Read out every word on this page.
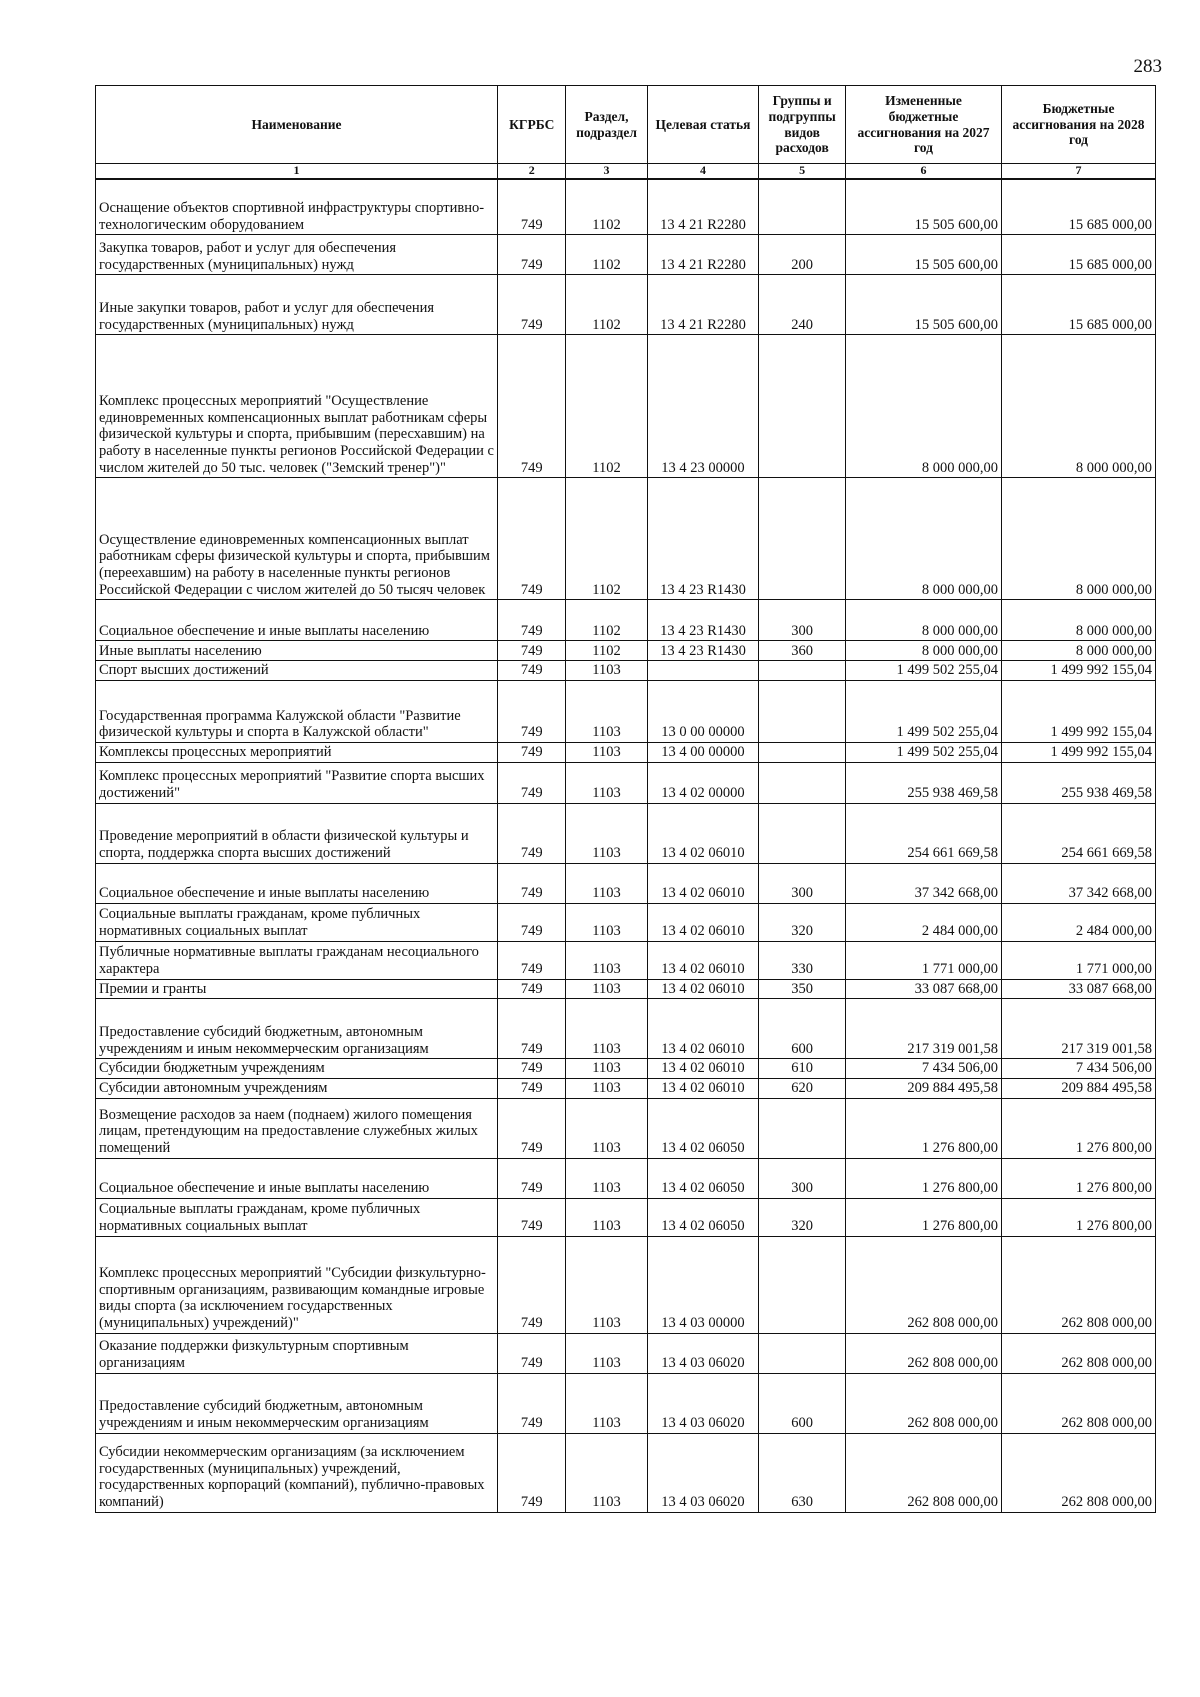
283
Наименование	КГРБС	Раздел, подраздел	Целевая статья	Группы и подгруппы видов расходов	Измененные бюджетные ассигнования на 2027 год	Бюджетные ассигнования на 2028 год
1	2	3	4	5	6	7
Оснащение объектов спортивной инфраструктуры спортивно-технологическим оборудованием	749	1102	13 4 21 R2280		15 505 600,00	15 685 000,00
Закупка товаров, работ и услуг для обеспечения государственных (муниципальных) нужд	749	1102	13 4 21 R2280	200	15 505 600,00	15 685 000,00
Иные закупки товаров, работ и услуг для обеспечения государственных (муниципальных) нужд	749	1102	13 4 21 R2280	240	15 505 600,00	15 685 000,00
Комплекс процессных мероприятий "Осуществление единовременных компенсационных выплат работникам сферы физической культуры и спорта, прибывшим (пересхавшим) на работу в населенные пункты регионов Российской Федерации с числом жителей до 50 тыс. человек ("Земский тренер")"	749	1102	13 4 23 00000		8 000 000,00	8 000 000,00
Осуществление единовременных компенсационных выплат работникам сферы физической культуры и спорта, прибывшим (переехавшим) на работу в населенные пункты регионов Российской Федерации с числом жителей до 50 тысяч человек	749	1102	13 4 23 R1430		8 000 000,00	8 000 000,00
Социальное обеспечение и иные выплаты населению	749	1102	13 4 23 R1430	300	8 000 000,00	8 000 000,00
Иные выплаты населению	749	1102	13 4 23 R1430	360	8 000 000,00	8 000 000,00
Спорт высших достижений	749	1103			1 499 502 255,04	1 499 992 155,04
Государственная программа Калужской области "Развитие физической культуры и спорта в Калужской области"	749	1103	13 0 00 00000		1 499 502 255,04	1 499 992 155,04
Комплексы процессных мероприятий	749	1103	13 4 00 00000		1 499 502 255,04	1 499 992 155,04
Комплекс процессных мероприятий "Развитие спорта высших достижений"	749	1103	13 4 02 00000		255 938 469,58	255 938 469,58
Проведение мероприятий в области физической культуры и спорта, поддержка спорта высших достижений	749	1103	13 4 02 06010		254 661 669,58	254 661 669,58
Социальное обеспечение и иные выплаты населению	749	1103	13 4 02 06010	300	37 342 668,00	37 342 668,00
Социальные выплаты гражданам, кроме публичных нормативных социальных выплат	749	1103	13 4 02 06010	320	2 484 000,00	2 484 000,00
Публичные нормативные выплаты гражданам несоциального характера	749	1103	13 4 02 06010	330	1 771 000,00	1 771 000,00
Премии и гранты	749	1103	13 4 02 06010	350	33 087 668,00	33 087 668,00
Предоставление субсидий бюджетным, автономным учреждениям и иным некоммерческим организациям	749	1103	13 4 02 06010	600	217 319 001,58	217 319 001,58
Субсидии бюджетным учреждениям	749	1103	13 4 02 06010	610	7 434 506,00	7 434 506,00
Субсидии автономным учреждениям	749	1103	13 4 02 06010	620	209 884 495,58	209 884 495,58
Возмещение расходов за наем (поднаем) жилого помещения лицам, претендующим на предоставление служебных жилых помещений	749	1103	13 4 02 06050		1 276 800,00	1 276 800,00
Социальное обеспечение и иные выплаты населению	749	1103	13 4 02 06050	300	1 276 800,00	1 276 800,00
Социальные выплаты гражданам, кроме публичных нормативных социальных выплат	749	1103	13 4 02 06050	320	1 276 800,00	1 276 800,00
Комплекс процессных мероприятий "Субсидии физкультурно-спортивным организациям, развивающим командные игровые виды спорта (за исключением государственных (муниципальных) учреждений)"	749	1103	13 4 03 00000		262 808 000,00	262 808 000,00
Оказание поддержки физкультурным спортивным организациям	749	1103	13 4 03 06020		262 808 000,00	262 808 000,00
Предоставление субсидий бюджетным, автономным учреждениям и иным некоммерческим организациям	749	1103	13 4 03 06020	600	262 808 000,00	262 808 000,00
Субсидии некоммерческим организациям (за исключением государственных (муниципальных) учреждений, государственных корпораций (компаний), публично-правовых компаний)	749	1103	13 4 03 06020	630	262 808 000,00	262 808 000,00
